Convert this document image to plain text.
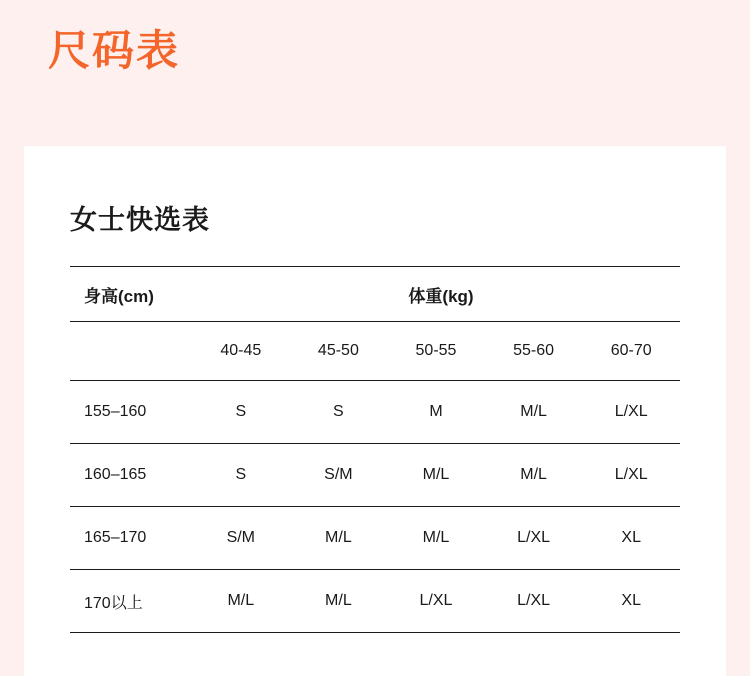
尺码表
女士快选表
身高(cm)	体重(kg)				
	40-45	45-50	50-55	55-60	60-70
155–160	S	S	M	M/L	L/XL
160–165	S	S/M	M/L	M/L	L/XL
165–170	S/M	M/L	M/L	L/XL	XL
170以上	M/L	M/L	L/XL	L/XL	XL
